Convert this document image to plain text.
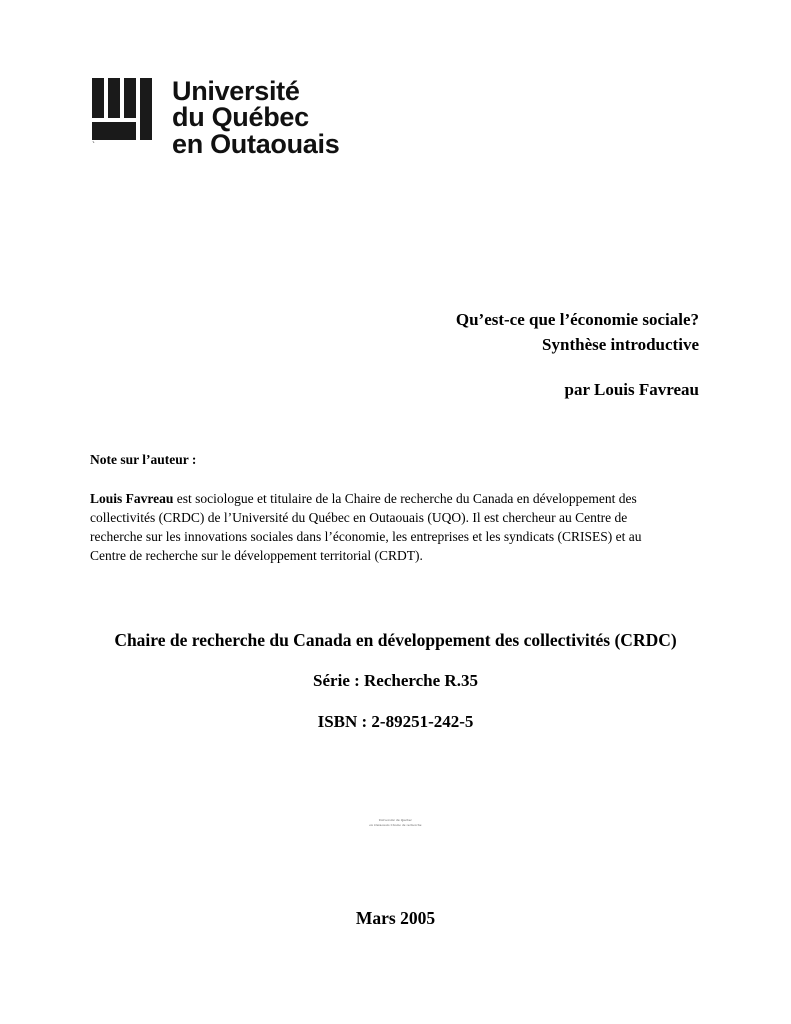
Université
du Québec
en Outaouais
`
Qu’est-ce que l’économie sociale?
Synthèse introductive
par Louis Favreau
Note sur l’auteur :
Louis Favreau est sociologue et titulaire de la Chaire de recherche du Canada en développement des collectivités (CRDC) de l’Université du Québec en Outaouais (UQO). Il est chercheur au Centre de recherche sur les innovations sociales dans l’économie, les entreprises et les syndicats (CRISES) et au Centre de recherche sur le développement territorial (CRDT).
Chaire de recherche du Canada en développement des collectivités (CRDC)
Série : Recherche R.35
ISBN : 2-89251-242-5
Université du Québec
en Outaouais Chaire de recherche
Mars 2005
